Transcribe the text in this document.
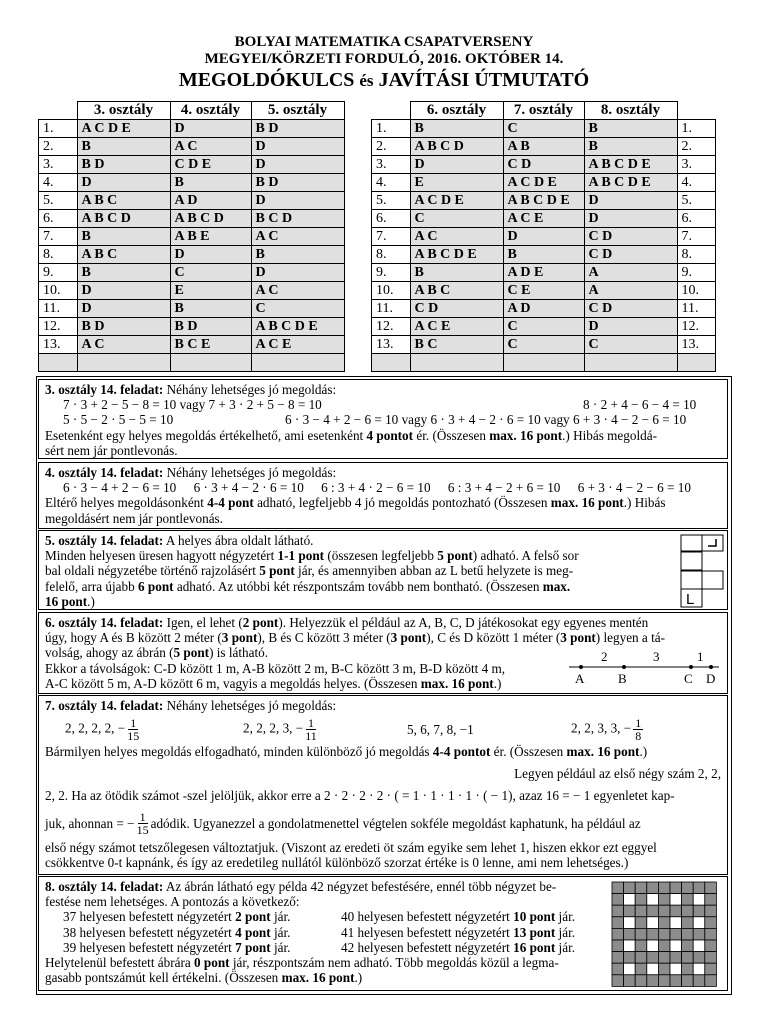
BOLYAI MATEMATIKA CSAPATVERSENY
MEGYEI/KÖRZETI FORDULÓ, 2016. OKTÓBER 14.
MEGOLDÓKULCS és JAVÍTÁSI ÚTMUTATÓ
	3. osztály	4. osztály	5. osztály
1.	A C D E	D	B D
2.	B	A C	D
3.	B D	C D E	D
4.	D	B	B D
5.	A B C	A D	D
6.	A B C D	A B C D	B C D
7.	B	A B E	A C
8.	A B C	D	B
9.	B	C	D
10.	D	E	A C
11.	D	B	C
12.	B D	B D	A B C D E
13.	A C	B C E	A C E

	6. osztály	7. osztály	8. osztály	
1.	B	C	B	1.
2.	A B C D	A B	B	2.
3.	D	C D	A B C D E	3.
4.	E	A C D E	A B C D E	4.
5.	A C D E	A B C D E	D	5.
6.	C	A C E	D	6.
7.	A C	D	C D	7.
8.	A B C D E	B	C D	8.
9.	B	A D E	A	9.
10.	A B C	C E	A	10.
11.	C D	A D	C D	11.
12.	A C E	C	D	12.
13.	B C	C	C	13.

3. osztály 14. feladat: Néhány lehetséges jó megoldás:
7 · 3 + 2 − 5 − 8 = 10 vagy 7 + 3 · 2 + 5 − 8 = 10	8 · 2 + 4 − 6 − 4 = 10
5 · 5 − 2 · 5 − 5 = 10	6 · 3 − 4 + 2 − 6 = 10 vagy 6 · 3 + 4 − 2 · 6 = 10 vagy 6 + 3 · 4 − 2 − 6 = 10
Esetenként egy helyes megoldás értékelhető, ami esetenként 4 pontot ér. (Összesen max. 16 pont.) Hibás megoldá-
sért nem jár pontlevonás.
4. osztály 14. feladat: Néhány lehetséges jó megoldás:
6 · 3 − 4 + 2 − 6 = 10 6 · 3 + 4 − 2 · 6 = 10 6 : 3 + 4 · 2 − 6 = 10 6 : 3 + 4 − 2 + 6 = 10 6 + 3 · 4 − 2 − 6 = 10
Eltérő helyes megoldásonként 4-4 pont adható, legfeljebb 4 jó megoldás pontozható (Összesen max. 16 pont.) Hibás
megoldásért nem jár pontlevonás.
5. osztály 14. feladat: A helyes ábra oldalt látható.
Minden helyesen üresen hagyott négyzetért 1-1 pont (összesen legfeljebb 5 pont) adható. A felső sor
bal oldali négyzetébe történő rajzolásért 5 pont jár, és amennyiben abban az L betű helyzete is meg-
felelő, arra újabb 6 pont adható. Az utóbbi két részpontszám tovább nem bontható. (Összesen max.
16 pont.)	L
6. osztály 14. feladat: Igen, el lehet (2 pont). Helyezzük el például az A, B, C, D játékosokat egy egyenes mentén
úgy, hogy A és B között 2 méter (3 pont), B és C között 3 méter (3 pont), C és D között 1 méter (3 pont) legyen a tá-
volság, ahogy az ábrán (5 pont) is látható.
Ekkor a távolságok: C-D között 1 m, A-B között 2 m, B-C között 3 m, B-D között 4 m,
A-C között 5 m, A-D között 6 m, vagyis a megoldás helyes. (Összesen max. 16 pont.)
2	3	1
A	B	C D
7. osztály 14. feladat: Néhány lehetséges jó megoldás:
2, 2, 2, 2, − $\frac{1}{15}$	2, 2, 2, 3, − $\frac{1}{11}$	5, 6, 7, 8, −1	2, 2, 3, 3, − $\frac{1}{8}$
Bármilyen helyes megoldás elfogadható, minden különböző jó megoldás 4-4 pontot ér. (Összesen max. 16 pont.)
Legyen például az első négy szám 2, 2,
2, 2. Ha az ötödik számot -szel jelöljük, akkor erre a 2 · 2 · 2 · 2 · ( = 1 · 1 · 1 · 1 · ( − 1), azaz 16 = − 1 egyenletet kap-
juk, ahonnan = − $\frac{1}{15}$ adódik. Ugyanezzel a gondolatmenettel végtelen sokféle megoldást kaphatunk, ha például az
első négy számot tetszőlegesen változtatjuk. (Viszont az eredeti öt szám egyike sem lehet 1, hiszen ekkor ezt eggyel
csökkentve 0-t kapnánk, és így az eredetileg nullától különböző szorzat értéke is 0 lenne, ami nem lehetséges.)
8. osztály 14. feladat: Az ábrán látható egy példa 42 négyzet befestésére, ennél több négyzet be-
festése nem lehetséges. A pontozás a következő:
37 helyesen befestett négyzetért 2 pont jár.	40 helyesen befestett négyzetért 10 pont jár.
38 helyesen befestett négyzetért 4 pont jár.	41 helyesen befestett négyzetért 13 pont jár.
39 helyesen befestett négyzetért 7 pont jár.	42 helyesen befestett négyzetért 16 pont jár.
Helytelenül befestett ábrára 0 pont jár, részpontszám nem adható. Több megoldás közül a legma-
gasabb pontszámút kell értékelni. (Összesen max. 16 pont.)
